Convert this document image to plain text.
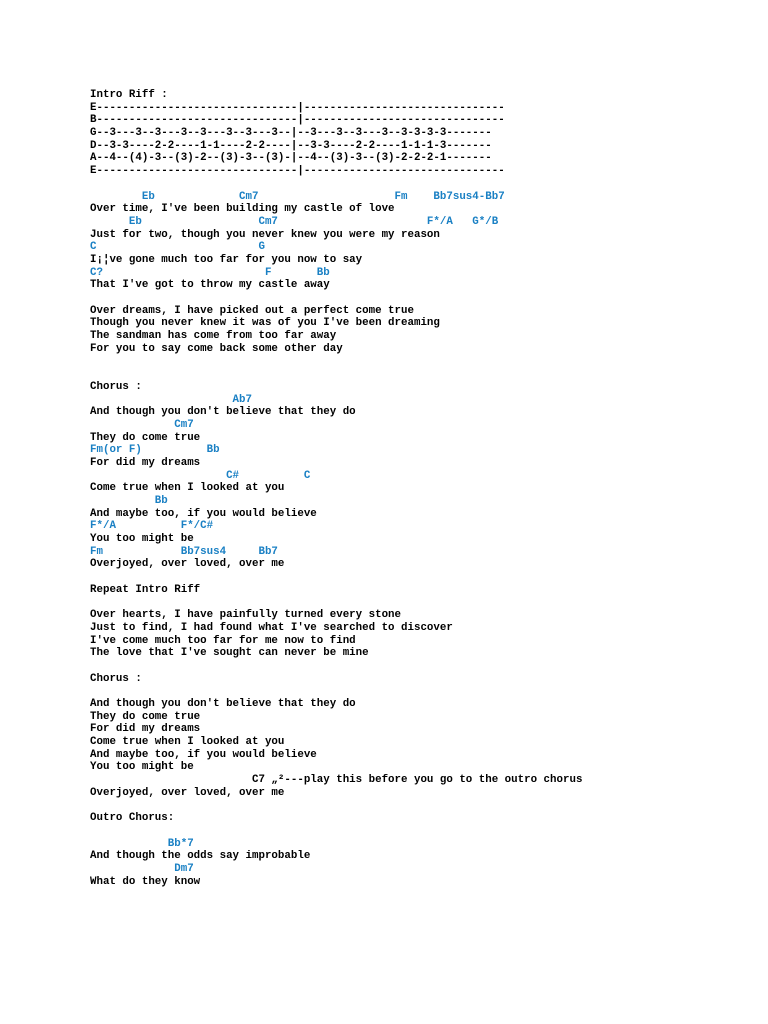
Intro Riff :
E-------------------------------|-------------------------------
B-------------------------------|-------------------------------
G--3---3--3---3--3---3--3---3--|--3---3--3---3--3-3-3-3-------
D--3-3----2-2----1-1----2-2----|--3-3----2-2----1-1-1-3-------
A--4--(4)-3--(3)-2--(3)-3--(3)-|--4--(3)-3--(3)-2-2-2-1-------
E-------------------------------|-------------------------------
Eb             Cm7                     Fm    Bb7sus4-Bb7
Over time, I've been building my castle of love
Eb                  Cm7                       F*/A   G*/B
Just for two, though you never knew you were my reason
C                         G
I¡¦ve gone much too far for you now to say
C?                         F       Bb
That I've got to throw my castle away
Over dreams, I have picked out a perfect come true
Though you never knew it was of you I've been dreaming
The sandman has come from too far away
For you to say come back some other day
Chorus :
Ab7
And though you don't believe that they do
Cm7
They do come true
Fm(or F)          Bb
For did my dreams
C#          C
Come true when I looked at you
Bb
And maybe too, if you would believe
F*/A          F*/C#
You too might be
Fm            Bb7sus4     Bb7
Overjoyed, over loved, over me
Repeat Intro Riff
Over hearts, I have painfully turned every stone
Just to find, I had found what I've searched to discover
I've come much too far for me now to find
The love that I've sought can never be mine
Chorus :
And though you don't believe that they do
They do come true
For did my dreams
Come true when I looked at you
And maybe too, if you would believe
You too might be
C7 „²---play this before you go to the outro chorus
Overjoyed, over loved, over me
Outro Chorus:
Bb*7
And though the odds say improbable
Dm7
What do they know
